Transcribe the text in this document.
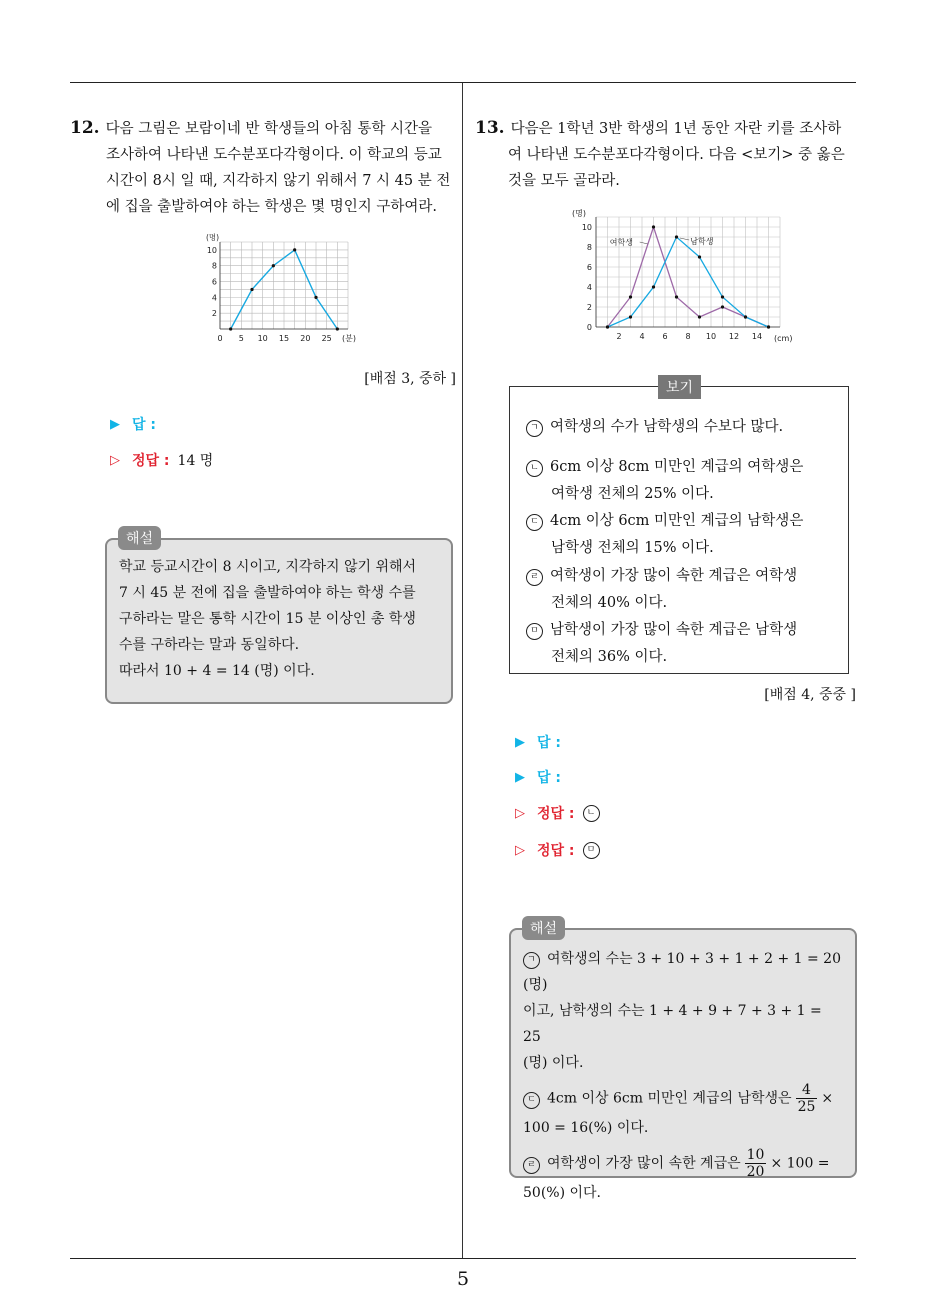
5

12. 다음 그림은 보람이네 반 학생들의 아침 통학 시간을

조사하여 나타낸 도수분포다각형이다. 이 학교의 등교

시간이 8시 일 때, 지각하지 않기 위해서 7 시 45 분 전

에 집을 출발하여야 하는 학생은 몇 명인지 구하여라.

0 5 10 15 20 25
2
4
6
8
10
(명)
(분)
[배점 3, 중하 ]
▶ 답 :
▷ 정답 : 14 명
학교 등교시간이 8 시이고, 지각하지 않기 위해서
7 시 45 분 전에 집을 출발하여야 하는 학생 수를
구하라는 말은 통학 시간이 15 분 이상인 총 학생
수를 구하라는 말과 동일하다.
따라서 10 + 4 = 14 (명) 이다.
해설

13. 다음은 1학년 3반 학생의 1년 동안 자란 키를 조사하

여 나타낸 도수분포다각형이다. 다음 <보기> 중 옳은

것을 모두 골라라.

2 4 6 8 10 12 14
0
2
4
6
8
10
(명)
(cm)
여학생	남학생
보기
ㄱ 여학생의 수가 남학생의 수보다 많다.
ㄴ 6cm 이상 8cm 미만인 계급의 여학생은
여학생 전체의 25% 이다.
ㄷ 4cm 이상 6cm 미만인 계급의 남학생은
남학생 전체의 15% 이다.
ㄹ 여학생이 가장 많이 속한 계급은 여학생
전체의 40% 이다.
ㅁ 남학생이 가장 많이 속한 계급은 남학생
전체의 36% 이다.
[배점 4, 중중 ]
▶ 답 :
▶ 답 :
▷ 정답 :	ㄴ
▷ 정답 :	ㅁ
ㄱ 여학생의 수는 3 + 10 + 3 + 1 + 2 + 1 = 20 (명)
이고, 남학생의 수는 1 + 4 + 9 + 7 + 3 + 1 = 25
(명) 이다.
ㄷ 4cm 이상 6cm 미만인 계급의 남학생은 $\frac{4}{25}$ ×
100 = 16(%) 이다.
ㄹ 여학생이 가장 많이 속한 계급은 $\frac{10}{20} \times 100$ =
50(%) 이다.
해설
